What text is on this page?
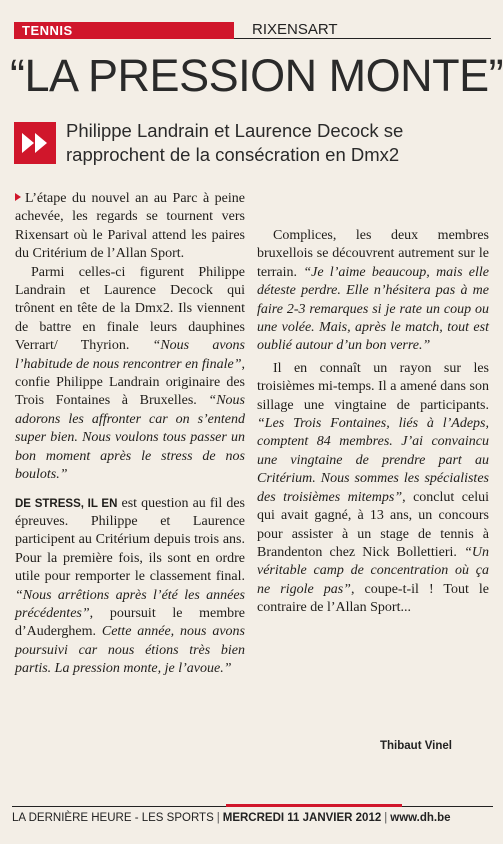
TENNIS	RIXENSART
“LA PRESSION MONTE”
Philippe Landrain et Laurence Decock se rapprochent de la consécration en Dmx2

L’étape du nouvel an au Parc à peine achevée, les regards se tournent vers Rixensart où le Parival attend les paires du Critérium de l’Allan Sport.

Parmi celles-ci figurent Philippe Landrain et Laurence Decock qui trônent en tête de la Dmx2. Ils viennent de battre en finale leurs dauphines Verrart/ Thyrion. “Nous avons l’habitude de nous rencontrer en finale”, confie Philippe Landrain originaire des Trois Fontaines à Bruxelles. “Nous adorons les affronter car on s’entend super bien. Nous voulons tous passer un bon moment après le stress de nos boulots.”

DE STRESS, IL EN est question au fil des épreuves. Philippe et Laurence participent au Critérium depuis trois ans. Pour la première fois, ils sont en ordre utile pour remporter le classement final. “Nous arrêtions après l’été les années précédentes”, poursuit le membre d’Auderghem. Cette année, nous avons poursuivi car nous étions très bien partis. La pression monte, je l’avoue.”

Complices, les deux membres bruxellois se découvrent autrement sur le terrain. “Je l’aime beaucoup, mais elle déteste perdre. Elle n’hésitera pas à me faire 2-3 remarques si je rate un coup ou une volée. Mais, après le match, tout est oublié autour d’un bon verre.”

Il en connaît un rayon sur les troisièmes mi-temps. Il a amené dans son sillage une vingtaine de participants. “Les Trois Fontaines, liés à l’Adeps, comptent 84 membres. J’ai convaincu une vingtaine de prendre part au Critérium. Nous sommes les spécialistes des troisièmes mitemps”, conclut celui qui avait gagné, à 13 ans, un concours pour assister à un stage de tennis à Brandenton chez Nick Bollettieri. “Un véritable camp de concentration où ça ne rigole pas”, coupe-t-il ! Tout le contraire de l’Allan Sport...

Thibaut Vinel
LA DERNIÈRE HEURE - LES SPORTS | MERCREDI 11 JANVIER 2012 | www.dh.be
